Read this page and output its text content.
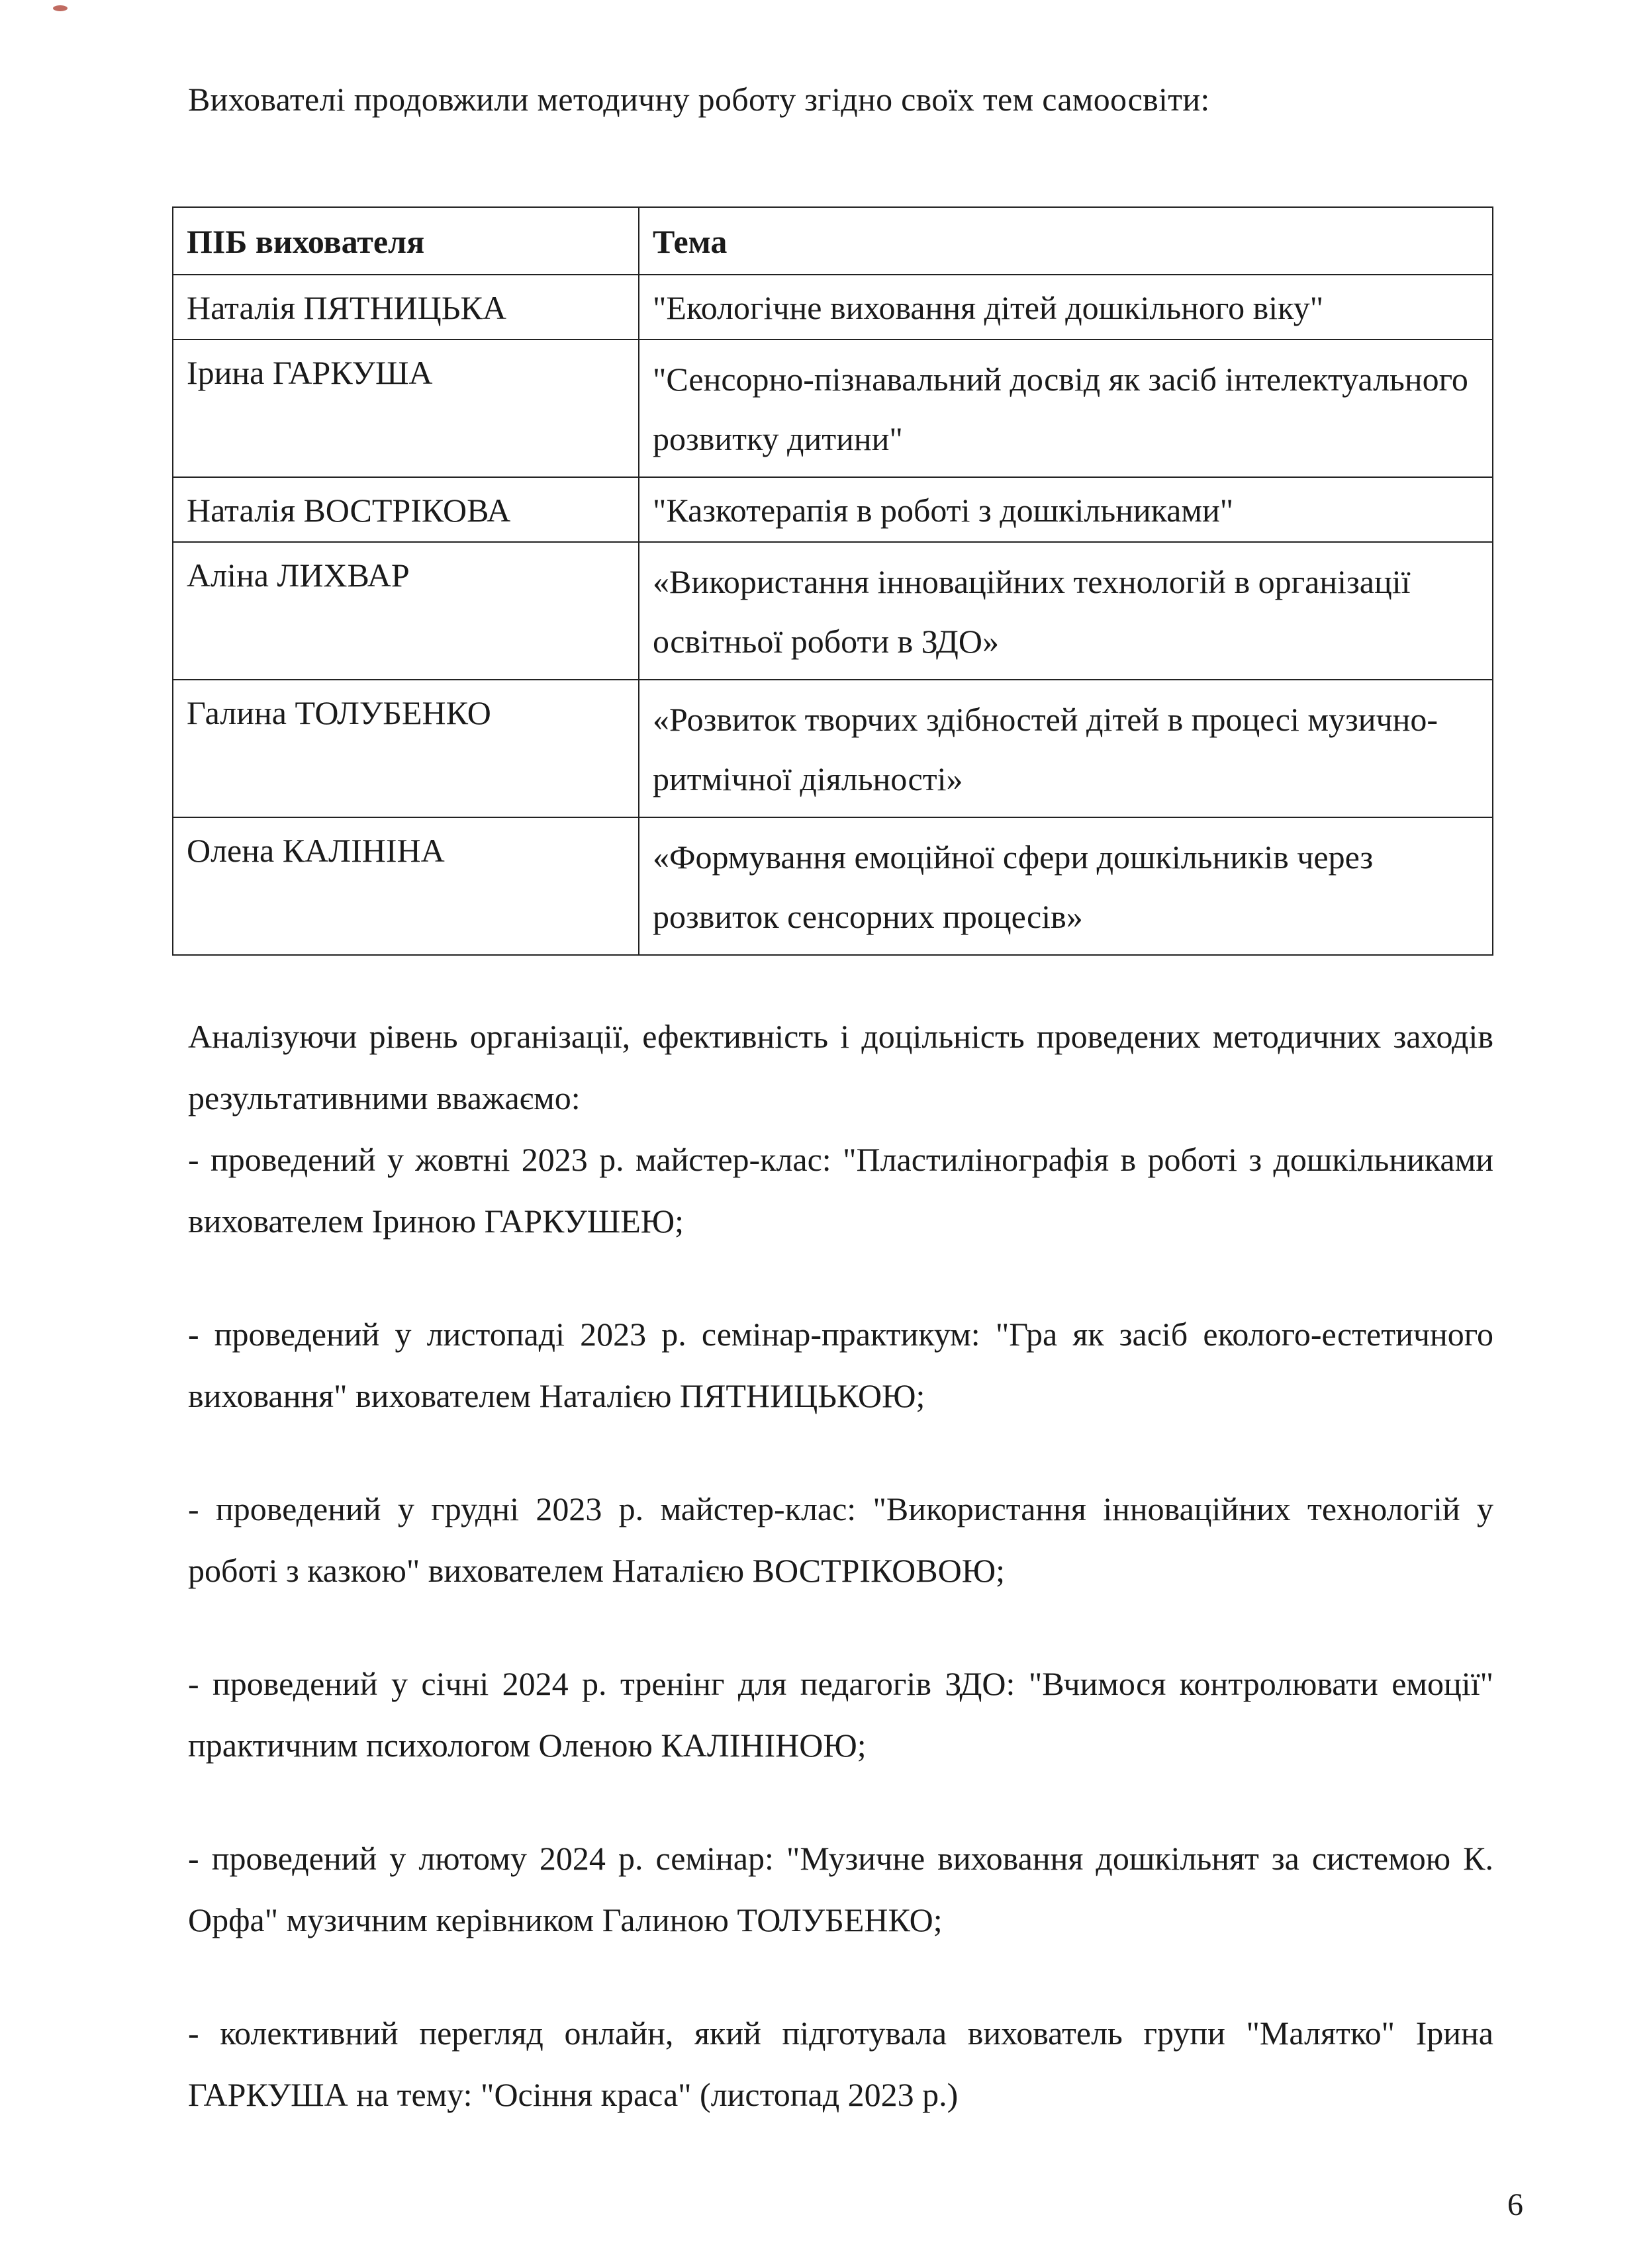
Вихователі продовжили методичну роботу згідно своїх тем самоосвіти:
ПІБ вихователя	Тема
Наталія ПЯТНИЦЬКА	"Екологічне виховання дітей дошкільного віку"
Ірина ГАРКУША	"Сенсорно-пізнавальний досвід як засіб інтелектуального розвитку дитини"
Наталія ВОСТРІКОВА	"Казкотерапія в роботі з дошкільниками"
Аліна ЛИХВАР	«Використання інноваційних технологій в організації освітньої роботи в ЗДО»
Галина ТОЛУБЕНКО	«Розвиток творчих здібностей дітей в процесі музично-ритмічної діяльності»
Олена КАЛІНІНА	«Формування емоційної сфери дошкільників через розвиток сенсорних процесів»

Аналізуючи рівень організації, ефективність і доцільність проведених методичних заходів результативними вважаємо:

- проведений у жовтні 2023 р. майстер-клас: "Пластилінографія в роботі з дошкільниками вихователем Іриною ГАРКУШЕЮ;

- проведений у листопаді 2023 р. семінар-практикум: "Гра як засіб еколого-естетичного виховання" вихователем Наталією ПЯТНИЦЬКОЮ;

- проведений у грудні 2023 р. майстер-клас: "Використання інноваційних технологій у роботі з казкою" вихователем Наталією ВОСТРІКОВОЮ;

- проведений у січні 2024 р. тренінг для педагогів ЗДО: "Вчимося контролювати емоції" практичним психологом Оленою КАЛІНІНОЮ;

- проведений у лютому 2024 р. семінар: "Музичне виховання дошкільнят за системою К. Орфа" музичним керівником Галиною ТОЛУБЕНКО;

- колективний перегляд онлайн, який підготувала вихователь групи "Малятко" Ірина ГАРКУША на тему: "Осіння краса" (листопад 2023 р.)

6
